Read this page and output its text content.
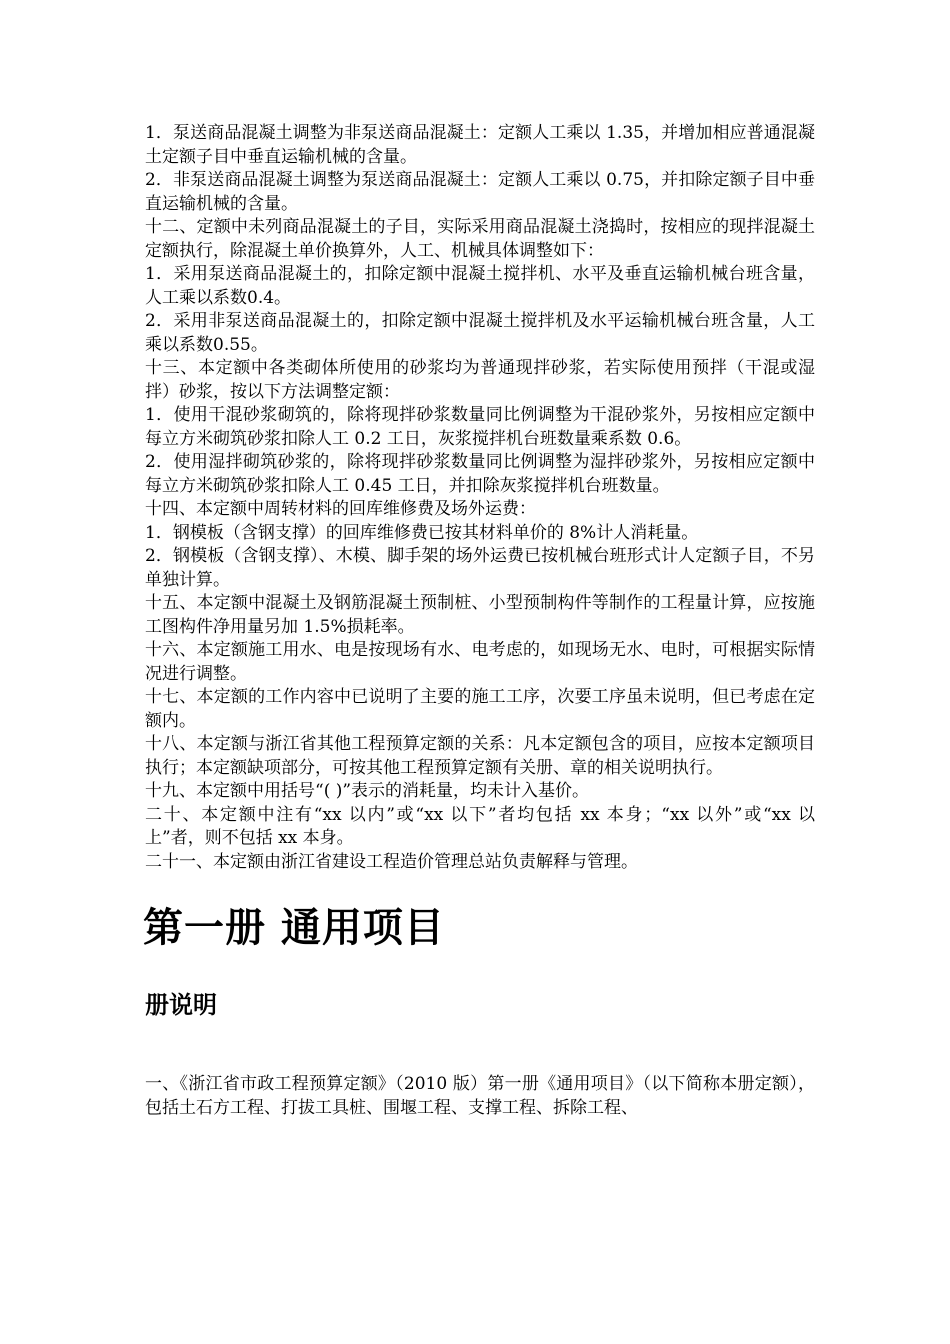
1．泵送商品混凝土调整为非泵送商品混凝土：定额人工乘以 1.35，并增加相应普通混凝土定额子目中垂直运输机械的含量。

2．非泵送商品混凝土调整为泵送商品混凝土：定额人工乘以 0.75，并扣除定额子目中垂直运输机械的含量。

十二、定额中未列商品混凝土的子目，实际采用商品混凝土浇捣时，按相应的现拌混凝土定额执行，除混凝土单价换算外，人工、机械具体调整如下：

1．采用泵送商品混凝土的，扣除定额中混凝土搅拌机、水平及垂直运输机械台班含量，人工乘以系数0.4。

2．采用非泵送商品混凝土的，扣除定额中混凝土搅拌机及水平运输机械台班含量，人工乘以系数0.55。

十三、本定额中各类砌体所使用的砂浆均为普通现拌砂浆，若实际使用预拌（干混或湿拌）砂浆，按以下方法调整定额：

1．使用干混砂浆砌筑的，除将现拌砂浆数量同比例调整为干混砂浆外，另按相应定额中每立方米砌筑砂浆扣除人工 0.2 工日，灰浆搅拌机台班数量乘系数 0.6。

2．使用湿拌砌筑砂浆的，除将现拌砂浆数量同比例调整为湿拌砂浆外，另按相应定额中每立方米砌筑砂浆扣除人工 0.45 工日，并扣除灰浆搅拌机台班数量。

十四、本定额中周转材料的回库维修费及场外运费：

1．钢模板（含钢支撑）的回库维修费已按其材料单价的 8%计人消耗量。

2．钢模板（含钢支撑）、木模、脚手架的场外运费已按机械台班形式计人定额子目，不另单独计算。

十五、本定额中混凝土及钢筋混凝土预制桩、小型预制构件等制作的工程量计算，应按施工图构件净用量另加 1.5%损耗率。

十六、本定额施工用水、电是按现场有水、电考虑的，如现场无水、电时，可根据实际情况进行调整。

十七、本定额的工作内容中已说明了主要的施工工序，次要工序虽未说明，但已考虑在定额内。

十八、本定额与浙江省其他工程预算定额的关系：凡本定额包含的项目，应按本定额项目执行；本定额缺项部分，可按其他工程预算定额有关册、章的相关说明执行。

十九、本定额中用括号“( )”表示的消耗量，均未计入基价。

二十、本定额中注有“xx 以内”或“xx 以下”者均包括 xx 本身；“xx 以外”或“xx 以上”者，则不包括 xx 本身。

二十一、本定额由浙江省建设工程造价管理总站负责解释与管理。

第一册 通用项目
册说明

一、《浙江省市政工程预算定额》（2010 版）第一册《通用项目》（以下简称本册定额），包括土石方工程、打拔工具桩、围堰工程、支撑工程、拆除工程、
